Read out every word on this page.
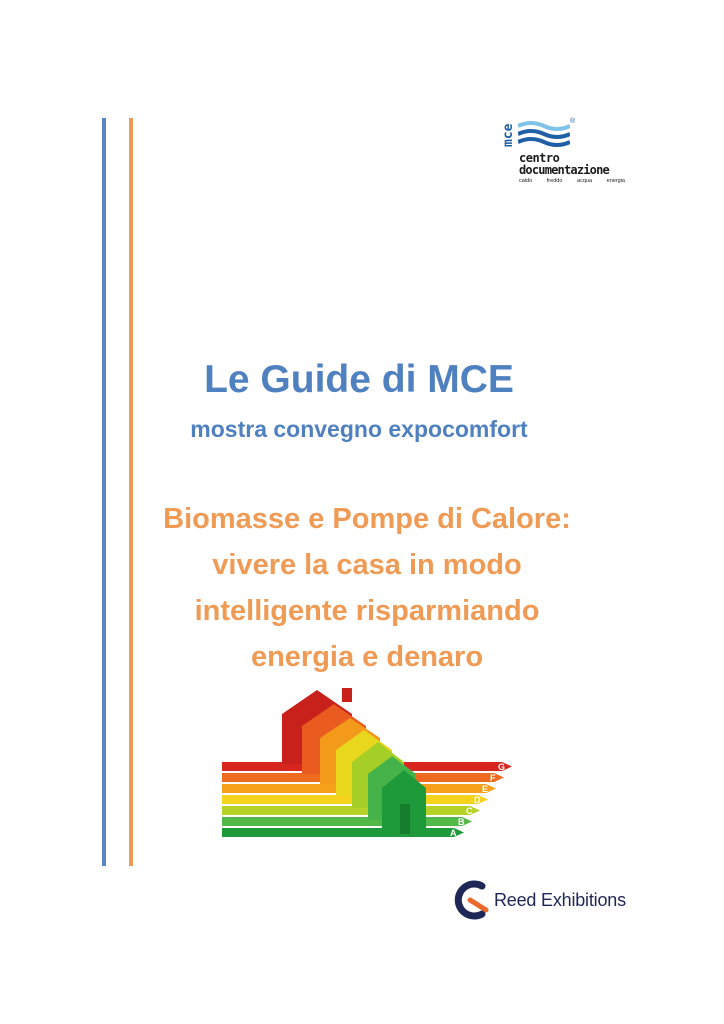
mce
®
centro
documentazione
caldo	freddo	acqua	energia
Le Guide di MCE
mostra convegno expocomfort
Biomasse e Pompe di Calore:
vivere la casa in modo
intelligente risparmiando
energia e denaro
G
F
E
D
C
B
A
Reed Exhibitions
